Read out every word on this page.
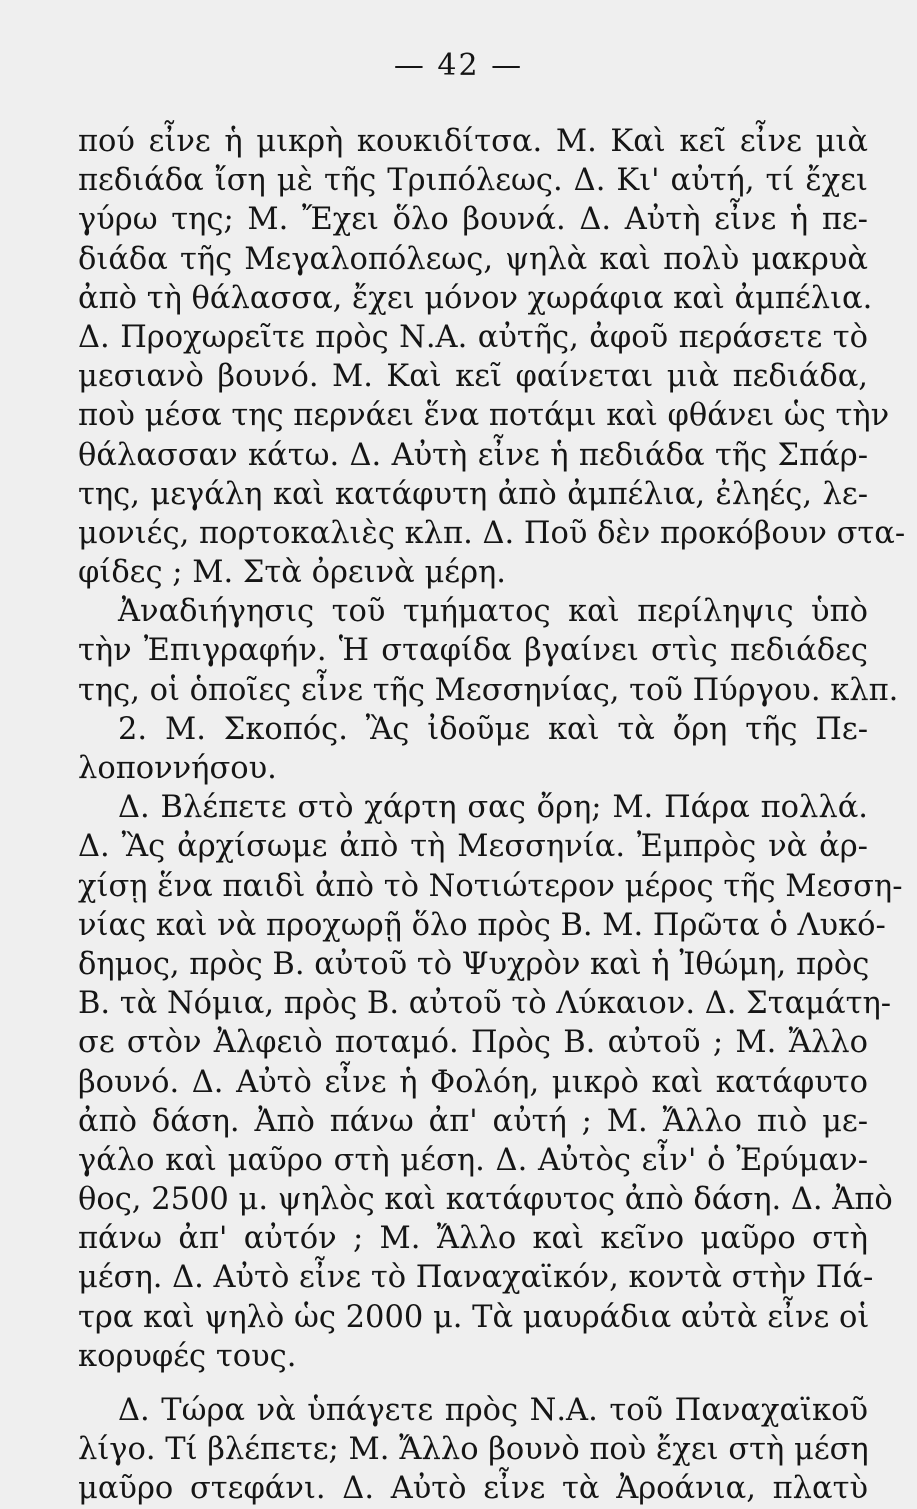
— 42 —
πού εἶνε ἡ μικρὴ κουκιδίτσα. Μ. Καὶ κεῖ εἶνε μιὰ
πεδιάδα ἴση μὲ τῆς Τριπόλεως. Δ. Κι' αὐτή, τί ἔχει
γύρω της; Μ. Ἔχει ὅλο βουνά. Δ. Αὐτὴ εἶνε ἡ πε-
διάδα τῆς Μεγαλοπόλεως, ψηλὰ καὶ πολὺ μακρυὰ
ἀπὸ τὴ θάλασσα, ἔχει μόνον χωράφια καὶ ἀμπέλια.
Δ. Προχωρεῖτε πρὸς Ν.Α. αὐτῆς, ἀφοῦ περάσετε τὸ
μεσιανὸ βουνό. Μ. Καὶ κεῖ φαίνεται μιὰ πεδιάδα,
ποὺ μέσα της περνάει ἕνα ποτάμι καὶ φθάνει ὡς τὴν
θάλασσαν κάτω. Δ. Αὐτὴ εἶνε ἡ πεδιάδα τῆς Σπάρ-
της, μεγάλη καὶ κατάφυτη ἀπὸ ἀμπέλια, ἐληές, λε-
μονιές, πορτοκαλιὲς κλπ. Δ. Ποῦ δὲν προκόβουν στα-
φίδες ; Μ. Στὰ ὀρεινὰ μέρη.
Ἀναδιήγησις τοῦ τμήματος καὶ περίληψις ὑπὸ
τὴν Ἐπιγραφήν. Ἡ σταφίδα βγαίνει στὶς πεδιάδες
της, οἱ ὁποῖες εἶνε τῆς Μεσσηνίας, τοῦ Πύργου. κλπ.
2. Μ. Σκοπός. Ἂς ἰδοῦμε καὶ τὰ ὄρη τῆς Πε-
λοποννήσου.
Δ. Βλέπετε στὸ χάρτη σας ὄρη; Μ. Πάρα πολλά.
Δ. Ἂς ἀρχίσωμε ἀπὸ τὴ Μεσσηνία. Ἐμπρὸς νὰ ἀρ-
χίσῃ ἕνα παιδὶ ἀπὸ τὸ Νοτιώτερον μέρος τῆς Μεσση-
νίας καὶ νὰ προχωρῇ ὅλο πρὸς Β. Μ. Πρῶτα ὁ Λυκό-
δημος, πρὸς Β. αὐτοῦ τὸ Ψυχρὸν καὶ ἡ Ἰθώμη, πρὸς
Β. τὰ Νόμια, πρὸς Β. αὐτοῦ τὸ Λύκαιον. Δ. Σταμάτη-
σε στὸν Ἀλφειὸ ποταμό. Πρὸς Β. αὐτοῦ ; Μ. Ἄλλο
βουνό. Δ. Αὐτὸ εἶνε ἡ Φολόη, μικρὸ καὶ κατάφυτο
ἀπὸ δάση. Ἀπὸ πάνω ἀπ' αὐτή ; Μ. Ἄλλο πιὸ με-
γάλο καὶ μαῦρο στὴ μέση. Δ. Αὐτὸς εἶν' ὁ Ἐρύμαν-
θος, 2500 μ. ψηλὸς καὶ κατάφυτος ἀπὸ δάση. Δ. Ἀπὸ
πάνω ἀπ' αὐτόν ; Μ. Ἄλλο καὶ κεῖνο μαῦρο στὴ
μέση. Δ. Αὐτὸ εἶνε τὸ Παναχαϊκόν, κοντὰ στὴν Πά-
τρα καὶ ψηλὸ ὡς 2000 μ. Τὰ μαυράδια αὐτὰ εἶνε οἱ
κορυφές τους.
Δ. Τώρα νὰ ὑπάγετε πρὸς Ν.Α. τοῦ Παναχαϊκοῦ
λίγο. Τί βλέπετε; Μ. Ἄλλο βουνὸ ποὺ ἔχει στὴ μέση
μαῦρο στεφάνι. Δ. Αὐτὸ εἶνε τὰ Ἀροάνια, πλατὺ
